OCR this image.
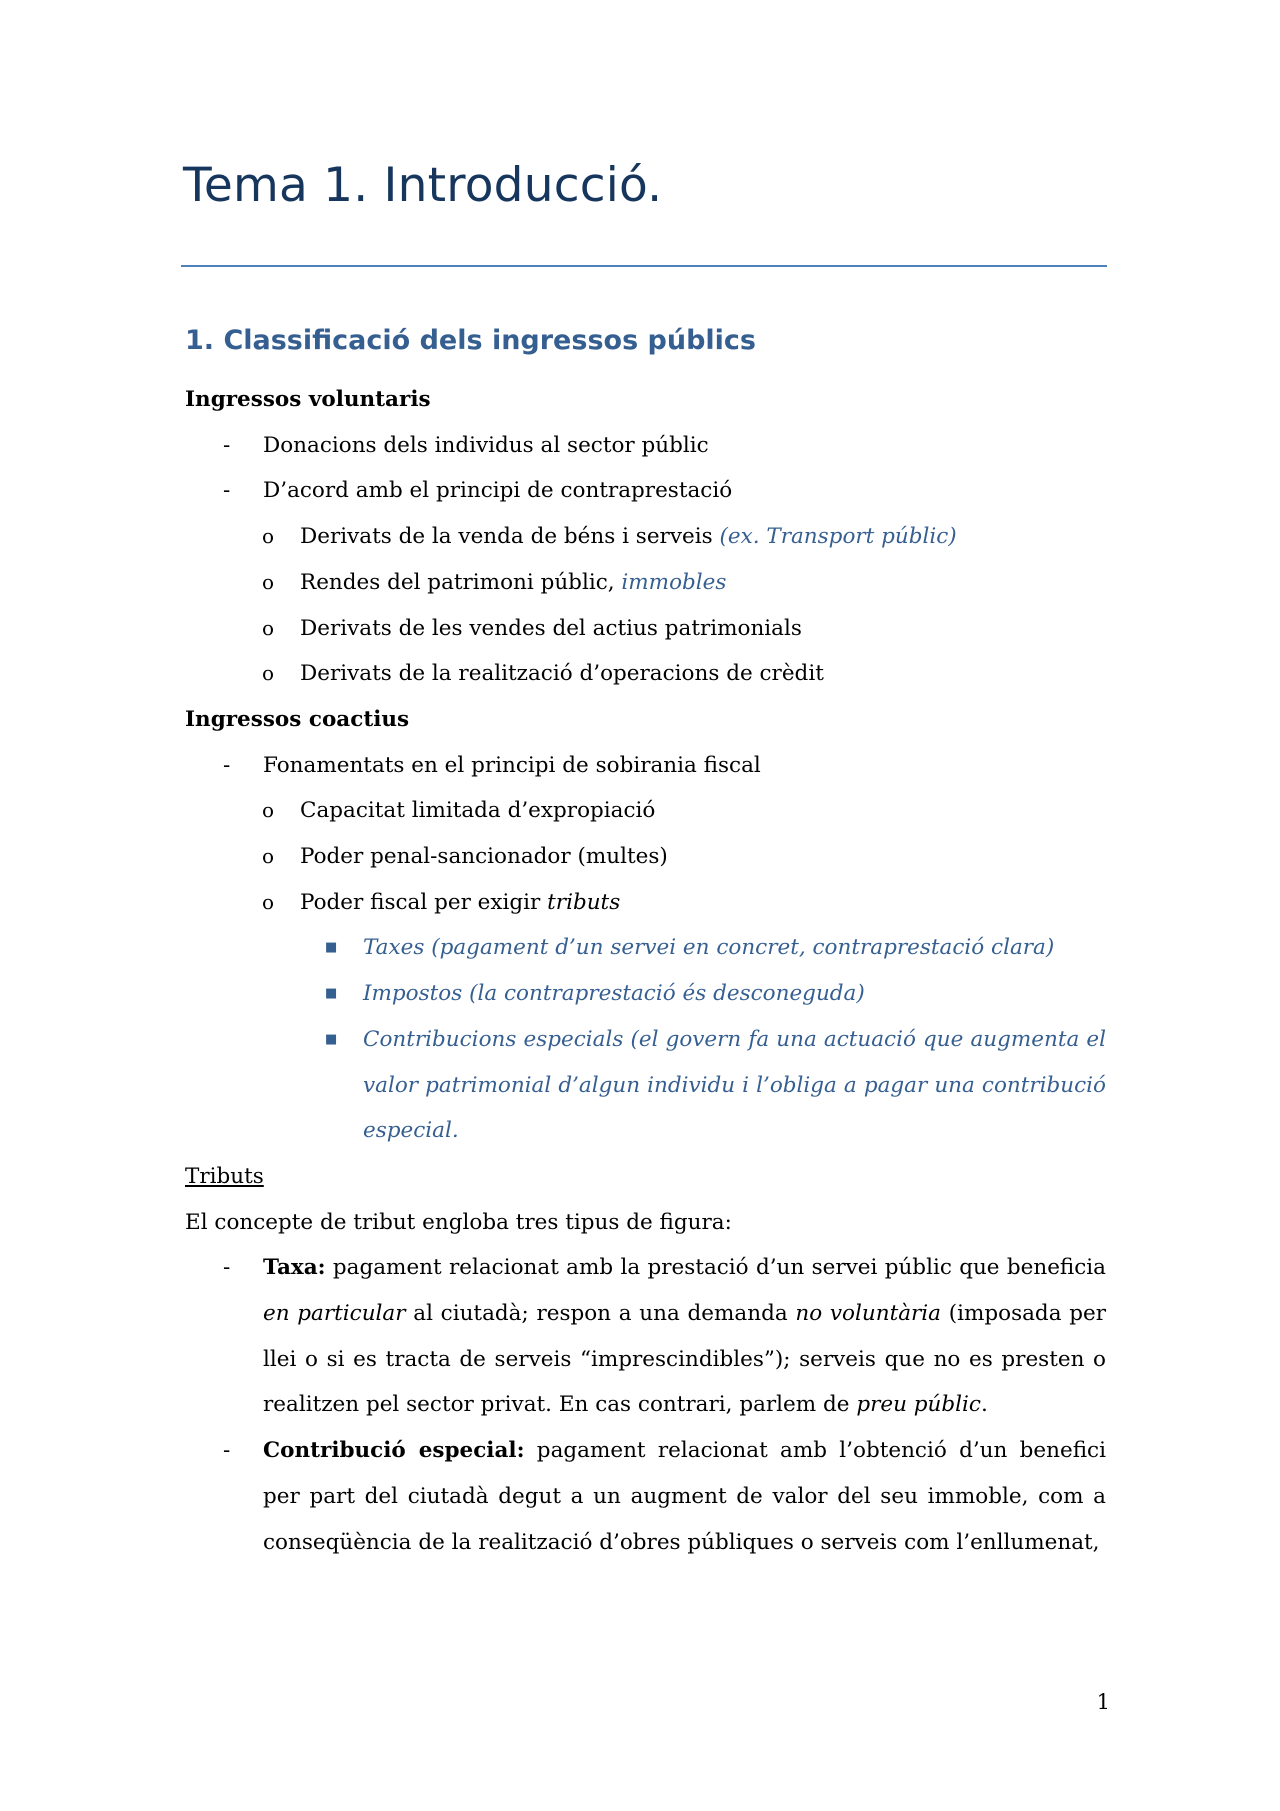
Tema 1. Introducció.
1. Classificació dels ingressos públics

Ingressos voluntaris

- Donacions dels individus al sector públic
- D’acord amb el principi de contraprestació
o Derivats de la venda de béns i serveis (ex. Transport públic)
o Rendes del patrimoni públic, immobles
o Derivats de les vendes del actius patrimonials
o Derivats de la realització d’operacions de crèdit

Ingressos coactius

- Fonamentats en el principi de sobirania fiscal
o Capacitat limitada d’expropiació
o Poder penal-sancionador (multes)
o Poder fiscal per exigir tributs
■ Taxes (pagament d’un servei en concret, contraprestació clara)
■ Impostos (la contraprestació és desconeguda)
■ Contribucions especials (el govern fa una actuació que augmenta el valor patrimonial d’algun individu i l’obliga a pagar una contribució especial.

Tributs

El concepte de tribut engloba tres tipus de figura:

- Taxa: pagament relacionat amb la prestació d’un servei públic que beneficia en particular al ciutadà; respon a una demanda no voluntària (imposada per llei o si es tracta de serveis “imprescindibles”); serveis que no es presten o realitzen pel sector privat. En cas contrari, parlem de preu públic.
- Contribució especial: pagament relacionat amb l’obtenció d’un benefici per part del ciutadà degut a un augment de valor del seu immoble, com a conseqüència de la realització d’obres públiques o serveis com l’enllumenat,
1
